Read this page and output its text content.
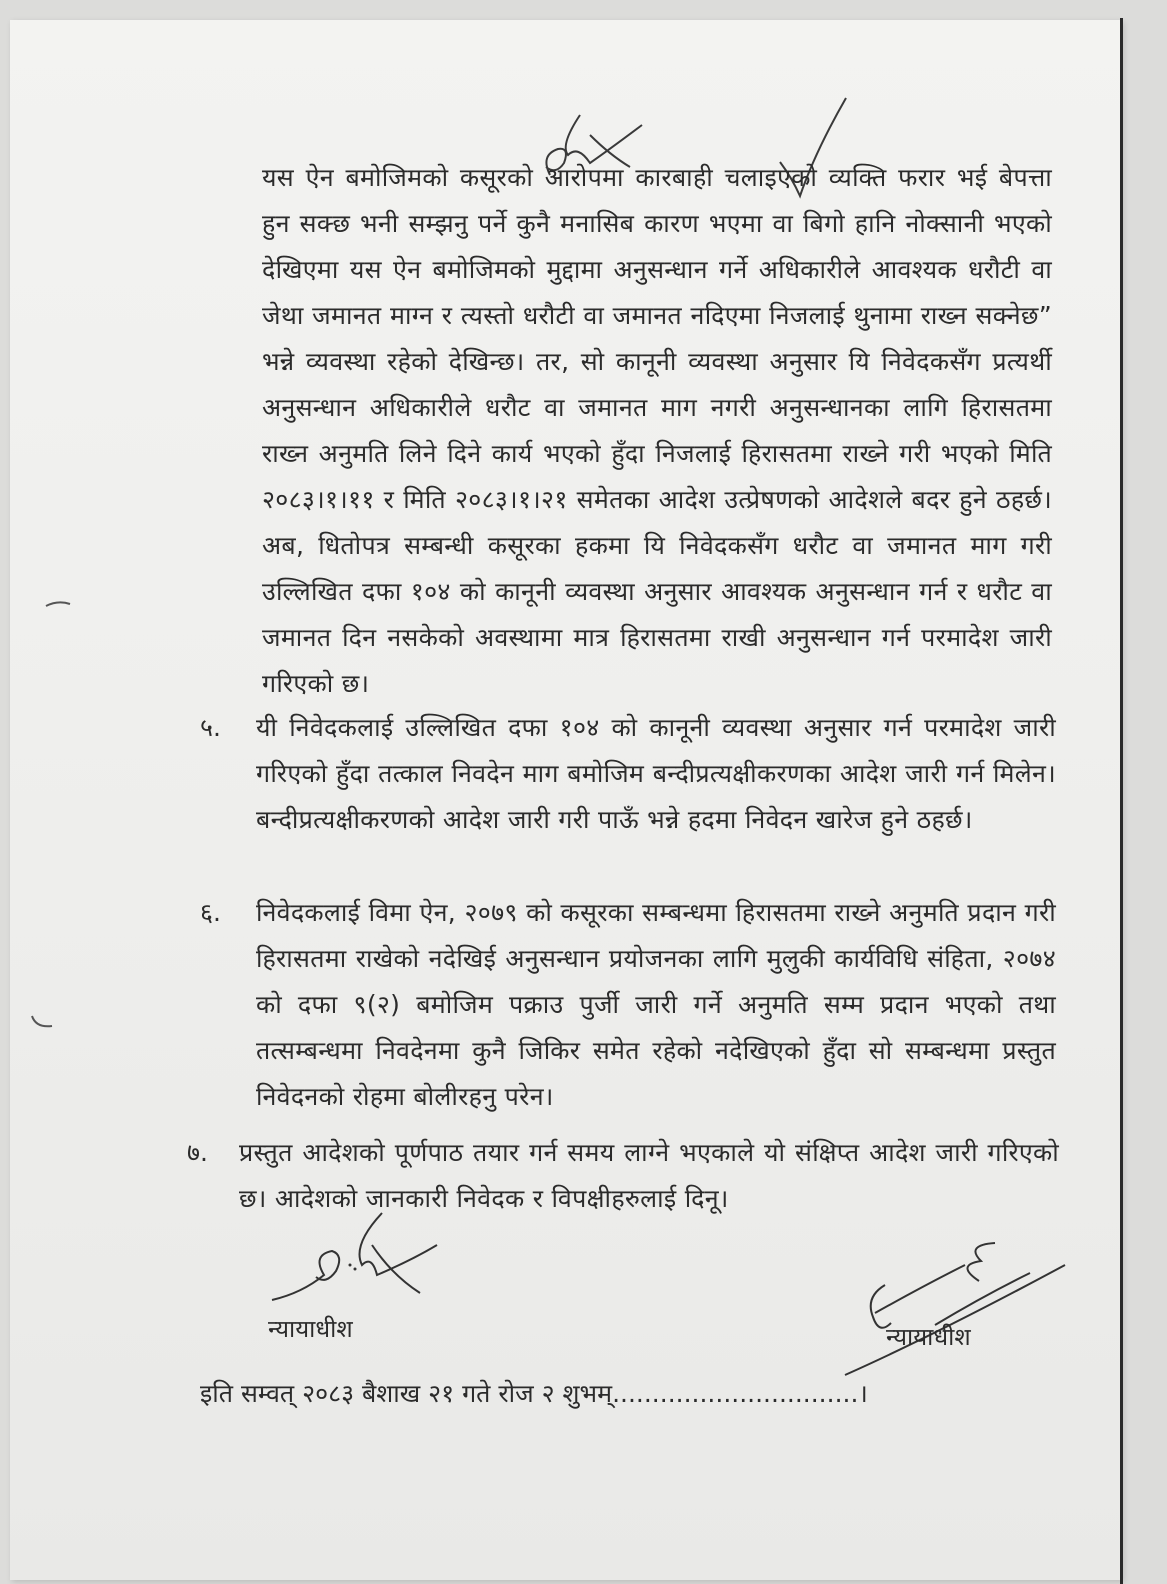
यस ऐन बमोजिमको कसूरको आरोपमा कारबाही चलाइएको व्यक्ति फरार भई बेपत्ता हुन सक्छ भनी सम्झनु पर्ने कुनै मनासिब कारण भएमा वा बिगो हानि नोक्सानी भएको देखिएमा यस ऐन बमोजिमको मुद्दामा अनुसन्धान गर्ने अधिकारीले आवश्यक धरौटी वा जेथा जमानत माग्न र त्यस्तो धरौटी वा जमानत नदिएमा निजलाई थुनामा राख्न सक्नेछ” भन्ने व्यवस्था रहेको देखिन्छ। तर, सो कानूनी व्यवस्था अनुसार यि निवेदकसँग प्रत्यर्थी अनुसन्धान अधिकारीले धरौट वा जमानत माग नगरी अनुसन्धानका लागि हिरासतमा राख्न अनुमति लिने दिने कार्य भएको हुँदा निजलाई हिरासतमा राख्ने गरी भएको मिति २०८३।१।११ र मिति २०८३।१।२१ समेतका आदेश उत्प्रेषणको आदेशले बदर हुने ठहर्छ। अब, धितोपत्र सम्बन्धी कसूरका हकमा यि निवेदकसँग धरौट वा जमानत माग गरी उल्लिखित दफा १०४ को कानूनी व्यवस्था अनुसार आवश्यक अनुसन्धान गर्न र धरौट वा जमानत दिन नसकेको अवस्थामा मात्र हिरासतमा राखी अनुसन्धान गर्न परमादेश जारी गरिएको छ।
५.	यी निवेदकलाई उल्लिखित दफा १०४ को कानूनी व्यवस्था अनुसार गर्न परमादेश जारी गरिएको हुँदा तत्काल निवदेन माग बमोजिम बन्दीप्रत्यक्षीकरणका आदेश जारी गर्न मिलेन। बन्दीप्रत्यक्षीकरणको आदेश जारी गरी पाऊँ भन्ने हदमा निवेदन खारेज हुने ठहर्छ।
६.	निवेदकलाई विमा ऐन, २०७९ को कसूरका सम्बन्धमा हिरासतमा राख्ने अनुमति प्रदान गरी हिरासतमा राखेको नदेखिई अनुसन्धान प्रयोजनका लागि मुलुकी कार्यविधि संहिता, २०७४ को दफा ९(२) बमोजिम पक्राउ पुर्जी जारी गर्ने अनुमति सम्म प्रदान भएको तथा तत्सम्बन्धमा निवदेनमा कुनै जिकिर समेत रहेको नदेखिएको हुँदा सो सम्बन्धमा प्रस्तुत निवेदनको रोहमा बोलीरहनु परेन।
७.	प्रस्तुत आदेशको पूर्णपाठ तयार गर्न समय लाग्ने भएकाले यो संक्षिप्त आदेश जारी गरिएको छ। आदेशको जानकारी निवेदक र विपक्षीहरुलाई दिनू।
न्यायाधीश	न्यायाधीश
इति सम्वत् २०८३ बैशाख २१ गते रोज २ शुभम्...............................।
